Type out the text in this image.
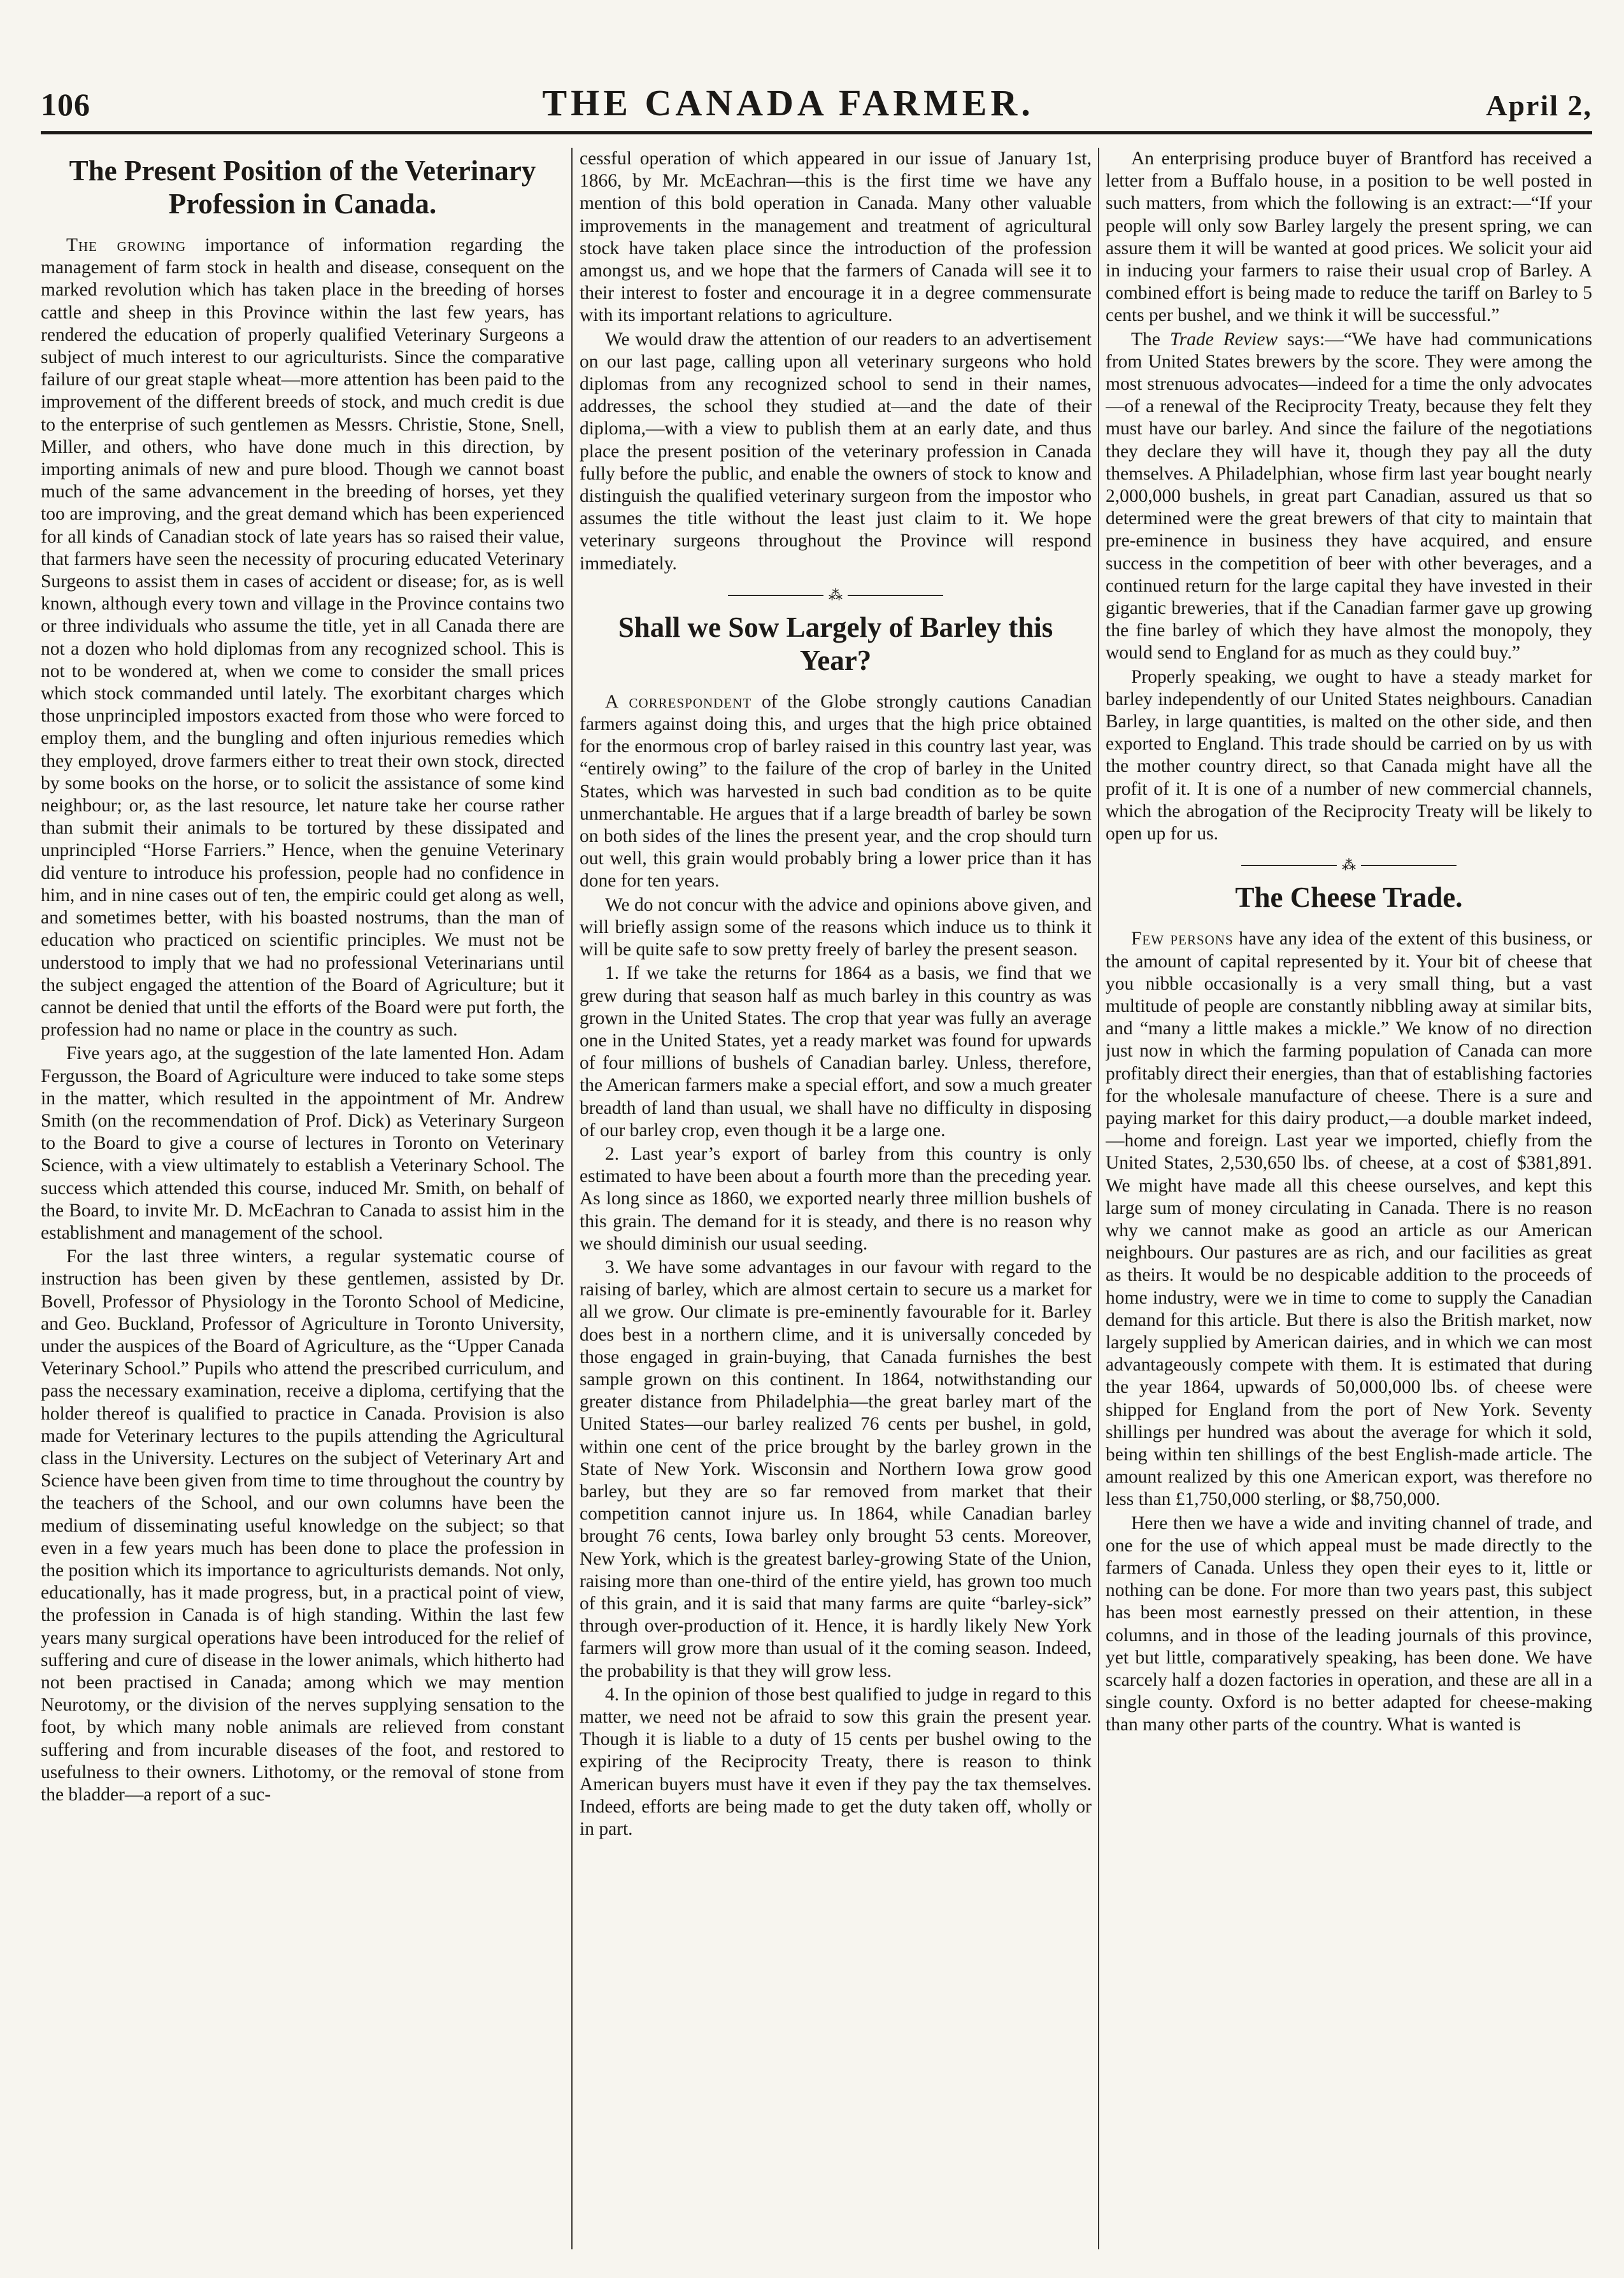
106	THE CANADA FARMER.	April 2,
The Present Position of the Veterinary Profession in Canada.

The growing importance of information regarding the management of farm stock in health and disease, consequent on the marked revolution which has taken place in the breeding of horses cattle and sheep in this Province within the last few years, has rendered the education of properly qualified Veterinary Surgeons a subject of much interest to our agriculturists. Since the comparative failure of our great staple wheat—more attention has been paid to the improvement of the different breeds of stock, and much credit is due to the enterprise of such gentlemen as Messrs. Christie, Stone, Snell, Miller, and others, who have done much in this direction, by importing animals of new and pure blood. Though we cannot boast much of the same advancement in the breeding of horses, yet they too are improving, and the great demand which has been experienced for all kinds of Canadian stock of late years has so raised their value, that farmers have seen the necessity of procuring educated Veterinary Surgeons to assist them in cases of accident or disease; for, as is well known, although every town and village in the Province contains two or three individuals who assume the title, yet in all Canada there are not a dozen who hold diplomas from any recognized school. This is not to be wondered at, when we come to consider the small prices which stock commanded until lately. The exorbitant charges which those unprincipled impostors exacted from those who were forced to employ them, and the bungling and often injurious remedies which they employed, drove farmers either to treat their own stock, directed by some books on the horse, or to solicit the assistance of some kind neighbour; or, as the last resource, let nature take her course rather than submit their animals to be tortured by these dissipated and unprincipled “Horse Farriers.” Hence, when the genuine Veterinary did venture to introduce his profession, people had no confidence in him, and in nine cases out of ten, the empiric could get along as well, and sometimes better, with his boasted nostrums, than the man of education who practiced on scientific principles. We must not be understood to imply that we had no professional Veterinarians until the subject engaged the attention of the Board of Agriculture; but it cannot be denied that until the efforts of the Board were put forth, the profession had no name or place in the country as such.

Five years ago, at the suggestion of the late lamented Hon. Adam Fergusson, the Board of Agriculture were induced to take some steps in the matter, which resulted in the appointment of Mr. Andrew Smith (on the recommendation of Prof. Dick) as Veterinary Surgeon to the Board to give a course of lectures in Toronto on Veterinary Science, with a view ultimately to establish a Veterinary School. The success which attended this course, induced Mr. Smith, on behalf of the Board, to invite Mr. D. McEachran to Canada to assist him in the establishment and management of the school.

For the last three winters, a regular systematic course of instruction has been given by these gentlemen, assisted by Dr. Bovell, Professor of Physiology in the Toronto School of Medicine, and Geo. Buckland, Professor of Agriculture in Toronto University, under the auspices of the Board of Agriculture, as the “Upper Canada Veterinary School.” Pupils who attend the prescribed curriculum, and pass the necessary examination, receive a diploma, certifying that the holder thereof is qualified to practice in Canada. Provision is also made for Veterinary lectures to the pupils attending the Agricultural class in the University. Lectures on the subject of Veterinary Art and Science have been given from time to time throughout the country by the teachers of the School, and our own columns have been the medium of disseminating useful knowledge on the subject; so that even in a few years much has been done to place the profession in the position which its importance to agriculturists demands. Not only, educationally, has it made progress, but, in a practical point of view, the profession in Canada is of high standing. Within the last few years many surgical operations have been introduced for the relief of suffering and cure of disease in the lower animals, which hitherto had not been practised in Canada; among which we may mention Neurotomy, or the division of the nerves supplying sensation to the foot, by which many noble animals are relieved from constant suffering and from incurable diseases of the foot, and restored to usefulness to their owners. Lithotomy, or the removal of stone from the bladder—a report of a suc-

cessful operation of which appeared in our issue of January 1st, 1866, by Mr. McEachran—this is the first time we have any mention of this bold operation in Canada. Many other valuable improvements in the management and treatment of agricultural stock have taken place since the introduction of the profession amongst us, and we hope that the farmers of Canada will see it to their interest to foster and encourage it in a degree commensurate with its important relations to agriculture.

We would draw the attention of our readers to an advertisement on our last page, calling upon all veterinary surgeons who hold diplomas from any recognized school to send in their names, addresses, the school they studied at—and the date of their diploma,—with a view to publish them at an early date, and thus place the present position of the veterinary profession in Canada fully before the public, and enable the owners of stock to know and distinguish the qualified veterinary surgeon from the impostor who assumes the title without the least just claim to it. We hope veterinary surgeons throughout the Province will respond immediately.

⁂
Shall we Sow Largely of Barley this Year?

A correspondent of the Globe strongly cautions Canadian farmers against doing this, and urges that the high price obtained for the enormous crop of barley raised in this country last year, was “entirely owing” to the failure of the crop of barley in the United States, which was harvested in such bad condition as to be quite unmerchantable. He argues that if a large breadth of barley be sown on both sides of the lines the present year, and the crop should turn out well, this grain would probably bring a lower price than it has done for ten years.

We do not concur with the advice and opinions above given, and will briefly assign some of the reasons which induce us to think it will be quite safe to sow pretty freely of barley the present season.

1. If we take the returns for 1864 as a basis, we find that we grew during that season half as much barley in this country as was grown in the United States. The crop that year was fully an average one in the United States, yet a ready market was found for upwards of four millions of bushels of Canadian barley. Unless, therefore, the American farmers make a special effort, and sow a much greater breadth of land than usual, we shall have no difficulty in disposing of our barley crop, even though it be a large one.

2. Last year’s export of barley from this country is only estimated to have been about a fourth more than the preceding year. As long since as 1860, we exported nearly three million bushels of this grain. The demand for it is steady, and there is no reason why we should diminish our usual seeding.

3. We have some advantages in our favour with regard to the raising of barley, which are almost certain to secure us a market for all we grow. Our climate is pre-eminently favourable for it. Barley does best in a northern clime, and it is universally conceded by those engaged in grain-buying, that Canada furnishes the best sample grown on this continent. In 1864, notwithstanding our greater distance from Philadelphia—the great barley mart of the United States—our barley realized 76 cents per bushel, in gold, within one cent of the price brought by the barley grown in the State of New York. Wisconsin and Northern Iowa grow good barley, but they are so far removed from market that their competition cannot injure us. In 1864, while Canadian barley brought 76 cents, Iowa barley only brought 53 cents. Moreover, New York, which is the greatest barley-growing State of the Union, raising more than one-third of the entire yield, has grown too much of this grain, and it is said that many farms are quite “barley-sick” through over-production of it. Hence, it is hardly likely New York farmers will grow more than usual of it the coming season. Indeed, the probability is that they will grow less.

4. In the opinion of those best qualified to judge in regard to this matter, we need not be afraid to sow this grain the present year. Though it is liable to a duty of 15 cents per bushel owing to the expiring of the Reciprocity Treaty, there is reason to think American buyers must have it even if they pay the tax themselves. Indeed, efforts are being made to get the duty taken off, wholly or in part.

An enterprising produce buyer of Brantford has received a letter from a Buffalo house, in a position to be well posted in such matters, from which the following is an extract:—“If your people will only sow Barley largely the present spring, we can assure them it will be wanted at good prices. We solicit your aid in inducing your farmers to raise their usual crop of Barley. A combined effort is being made to reduce the tariff on Barley to 5 cents per bushel, and we think it will be successful.”

The Trade Review says:—“We have had communications from United States brewers by the score. They were among the most strenuous advocates—indeed for a time the only advocates—of a renewal of the Reciprocity Treaty, because they felt they must have our barley. And since the failure of the negotiations they declare they will have it, though they pay all the duty themselves. A Philadelphian, whose firm last year bought nearly 2,000,000 bushels, in great part Canadian, assured us that so determined were the great brewers of that city to maintain that pre-eminence in business they have acquired, and ensure success in the competition of beer with other beverages, and a continued return for the large capital they have invested in their gigantic breweries, that if the Canadian farmer gave up growing the fine barley of which they have almost the monopoly, they would send to England for as much as they could buy.”

Properly speaking, we ought to have a steady market for barley independently of our United States neighbours. Canadian Barley, in large quantities, is malted on the other side, and then exported to England. This trade should be carried on by us with the mother country direct, so that Canada might have all the profit of it. It is one of a number of new commercial channels, which the abrogation of the Reciprocity Treaty will be likely to open up for us.

⁂
The Cheese Trade.

Few persons have any idea of the extent of this business, or the amount of capital represented by it. Your bit of cheese that you nibble occasionally is a very small thing, but a vast multitude of people are constantly nibbling away at similar bits, and “many a little makes a mickle.” We know of no direction just now in which the farming population of Canada can more profitably direct their energies, than that of establishing factories for the wholesale manufacture of cheese. There is a sure and paying market for this dairy product,—a double market indeed,—home and foreign. Last year we imported, chiefly from the United States, 2,530,650 lbs. of cheese, at a cost of $381,891. We might have made all this cheese ourselves, and kept this large sum of money circulating in Canada. There is no reason why we cannot make as good an article as our American neighbours. Our pastures are as rich, and our facilities as great as theirs. It would be no despicable addition to the proceeds of home industry, were we in time to come to supply the Canadian demand for this article. But there is also the British market, now largely supplied by American dairies, and in which we can most advantageously compete with them. It is estimated that during the year 1864, upwards of 50,000,000 lbs. of cheese were shipped for England from the port of New York. Seventy shillings per hundred was about the average for which it sold, being within ten shillings of the best English-made article. The amount realized by this one American export, was therefore no less than £1,750,000 sterling, or $8,750,000.

Here then we have a wide and inviting channel of trade, and one for the use of which appeal must be made directly to the farmers of Canada. Unless they open their eyes to it, little or nothing can be done. For more than two years past, this subject has been most earnestly pressed on their attention, in these columns, and in those of the leading journals of this province, yet but little, comparatively speaking, has been done. We have scarcely half a dozen factories in operation, and these are all in a single county. Oxford is no better adapted for cheese-making than many other parts of the country. What is wanted is
